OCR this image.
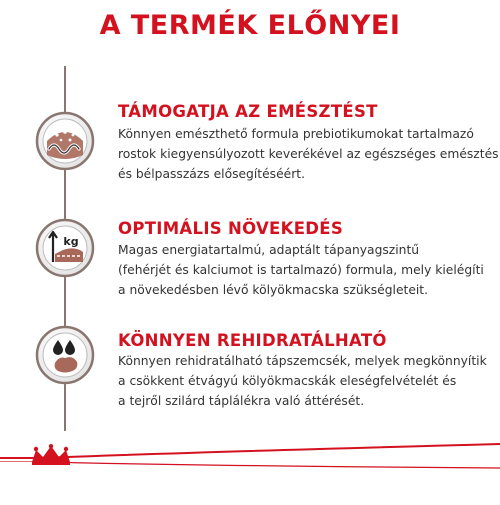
A TERMÉK ELŐNYEI
TÁMOGATJA AZ EMÉSZTÉST
Könnyen emészthető formula prebiotikumokat tartalmazó
rostok kiegyensúlyozott keverékével az egészséges emésztés
és bélpasszázs elősegítéséért.
kg
OPTIMÁLIS NÖVEKEDÉS
Magas energiatartalmú, adaptált tápanyagszintű
(fehérjét és kalciumot is tartalmazó) formula, mely kielégíti
a növekedésben lévő kölyökmacska szükségleteit.
KÖNNYEN REHIDRATÁLHATÓ
Könnyen rehidratálható tápszemcsék, melyek megkönnyítik
a csökkent étvágyú kölyökmacskák eleségfelvételét és
a tejről szilárd táplálékra való áttérését.
